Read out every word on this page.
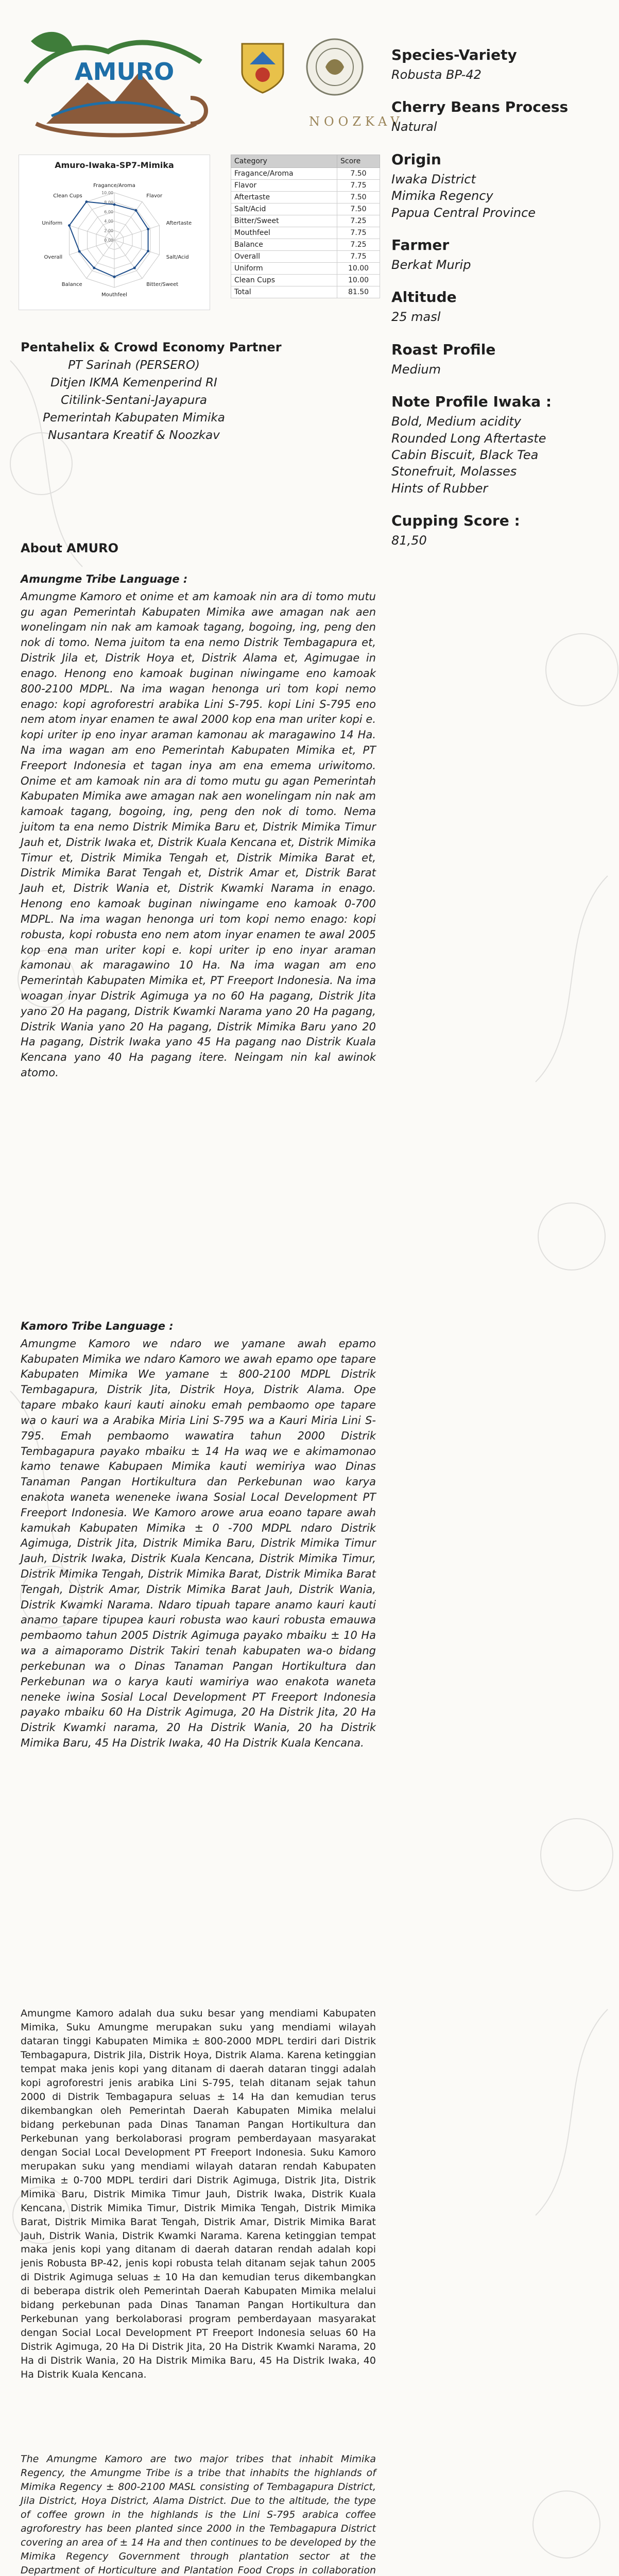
AMURO
NOOZKAV
Amuro-Iwaka-SP7-Mimika
Fragance/Aroma
Flavor
Aftertaste
Salt/Acid
Bitter/Sweet
Mouthfeel
Balance
Overall
Uniform
Clean Cups
0.00
2.00
4.00
6.00
8.00
10.00
Category	Score
Fragance/Aroma	7.50
Flavor	7.75
Aftertaste	7.50
Salt/Acid	7.50
Bitter/Sweet	7.25
Mouthfeel	7.75
Balance	7.25
Overall	7.75
Uniform	10.00
Clean Cups	10.00
Total	81.50

Species-Variety

Robusta BP-42

Cherry Beans Process

Natural

Origin

Iwaka District
Mimika Regency
Papua Central Province

Farmer

Berkat Murip

Altitude

25 masl

Roast Profile

Medium

Note Profile Iwaka :

Bold, Medium acidity
Rounded Long Aftertaste
Cabin Biscuit, Black Tea
Stonefruit, Molasses
Hints of Rubber

Cupping Score :

81,50

Pentahelix & Crowd Economy Partner

PT Sarinah (PERSERO)

Ditjen IKMA Kemenperind RI

Citilink-Sentani-Jayapura

Pemerintah Kabupaten Mimika

Nusantara Kreatif & Noozkav

About AMURO
Amungme Tribe Language :
Amungme Kamoro et onime et am kamoak nin ara di tomo mutu gu agan Pemerintah Kabupaten Mimika awe amagan nak aen wonelingam nin nak am kamoak tagang, bogoing, ing, peng den nok di tomo. Nema juitom ta ena nemo Distrik Tembagapura et, Distrik Jila et, Distrik Hoya et, Distrik Alama et, Agimugae in enago. Henong eno kamoak buginan niwingame eno kamoak 800-2100 MDPL. Na ima wagan henonga uri tom kopi nemo enago: kopi agroforestri arabika Lini S-795. kopi Lini S-795 eno nem atom inyar enamen te awal 2000 kop ena man uriter kopi e. kopi uriter ip eno inyar araman kamonau ak maragawino 14 Ha. Na ima wagan am eno Pemerintah Kabupaten Mimika et, PT Freeport Indonesia et tagan inya am ena emema uriwitomo. Onime et am kamoak nin ara di tomo mutu gu agan Pemerintah Kabupaten Mimika awe amagan nak aen wonelingam nin nak am kamoak tagang, bogoing, ing, peng den nok di tomo. Nema juitom ta ena nemo Distrik Mimika Baru et, Distrik Mimika Timur Jauh et, Distrik Iwaka et, Distrik Kuala Kencana et, Distrik Mimika Timur et, Distrik Mimika Tengah et, Distrik Mimika Barat et, Distrik Mimika Barat Tengah et, Distrik Amar et, Distrik Barat Jauh et, Distrik Wania et, Distrik Kwamki Narama in enago. Henong eno kamoak buginan niwingame eno kamoak 0-700 MDPL. Na ima wagan henonga uri tom kopi nemo enago: kopi robusta, kopi robusta eno nem atom inyar enamen te awal 2005 kop ena man uriter kopi e. kopi uriter ip eno inyar araman kamonau ak maragawino 10 Ha. Na ima wagan am eno Pemerintah Kabupaten Mimika et, PT Freeport Indonesia. Na ima woagan inyar Distrik Agimuga ya no 60 Ha pagang, Distrik Jita yano 20 Ha pagang, Distrik Kwamki Narama yano 20 Ha pagang, Distrik Wania yano 20 Ha pagang, Distrik Mimika Baru yano 20 Ha pagang, Distrik Iwaka yano 45 Ha pagang nao Distrik Kuala Kencana yano 40 Ha pagang itere. Neingam nin kal awinok atomo.
Kamoro Tribe Language :
Amungme Kamoro we ndaro we yamane awah epamo Kabupaten Mimika we ndaro Kamoro we awah epamo ope tapare Kabupaten Mimika We yamane ± 800-2100 MDPL Distrik Tembagapura, Distrik Jita, Distrik Hoya, Distrik Alama. Ope tapare mbako kauri kauti ainoku emah pembaomo ope tapare wa o kauri wa a Arabika Miria Lini S-795 wa a Kauri Miria Lini S-795. Emah pembaomo wawatira tahun 2000 Distrik Tembagapura payako mbaiku ± 14 Ha waq we e akimamonao kamo tenawe Kabupaen Mimika kauti wemiriya wao Dinas Tanaman Pangan Hortikultura dan Perkebunan wao karya enakota waneta weneneke iwana Sosial Local Development PT Freeport Indonesia. We Kamoro arowe arua eoano tapare awah kamukah Kabupaten Mimika ± 0 -700 MDPL ndaro Distrik Agimuga, Distrik Jita, Distrik Mimika Baru, Distrik Mimika Timur Jauh, Distrik Iwaka, Distrik Kuala Kencana, Distrik Mimika Timur, Distrik Mimika Tengah, Distrik Mimika Barat, Distrik Mimika Barat Tengah, Distrik Amar, Distrik Mimika Barat Jauh, Distrik Wania, Distrik Kwamki Narama. Ndaro tipuah tapare anamo kauri kauti anamo tapare tipupea kauri robusta wao kauri robusta emauwa pembaomo tahun 2005 Distrik Agimuga payako mbaiku ± 10 Ha wa a aimaporamo Distrik Takiri tenah kabupaten wa-o bidang perkebunan wa o Dinas Tanaman Pangan Hortikultura dan Perkebunan wa o karya kauti wamiriya wao enakota waneta neneke iwina Sosial Local Development PT Freeport Indonesia payako mbaiku 60 Ha Distrik Agimuga, 20 Ha Distrik Jita, 20 Ha Distrik Kwamki narama, 20 Ha Distrik Wania, 20 ha Distrik Mimika Baru, 45 Ha Distrik Iwaka, 40 Ha Distrik Kuala Kencana.
Amungme Kamoro adalah dua suku besar yang mendiami Kabupaten Mimika, Suku Amungme merupakan suku yang mendiami wilayah dataran tinggi Kabupaten Mimika ± 800-2000 MDPL terdiri dari Distrik Tembagapura, Distrik Jila, Distrik Hoya, Distrik Alama. Karena ketinggian tempat maka jenis kopi yang ditanam di daerah dataran tinggi adalah kopi agroforestri jenis arabika Lini S-795, telah ditanam sejak tahun 2000 di Distrik Tembagapura seluas ± 14 Ha dan kemudian terus dikembangkan oleh Pemerintah Daerah Kabupaten Mimika melalui bidang perkebunan pada Dinas Tanaman Pangan Hortikultura dan Perkebunan yang berkolaborasi program pemberdayaan masyarakat dengan Social Local Development PT Freeport Indonesia. Suku Kamoro merupakan suku yang mendiami wilayah dataran rendah Kabupaten Mimika ± 0-700 MDPL terdiri dari Distrik Agimuga, Distrik Jita, Distrik Mimika Baru, Distrik Mimika Timur Jauh, Distrik Iwaka, Distrik Kuala Kencana, Distrik Mimika Timur, Distrik Mimika Tengah, Distrik Mimika Barat, Distrik Mimika Barat Tengah, Distrik Amar, Distrik Mimika Barat Jauh, Distrik Wania, Distrik Kwamki Narama. Karena ketinggian tempat maka jenis kopi yang ditanam di daerah dataran rendah adalah kopi jenis Robusta BP-42, jenis kopi robusta telah ditanam sejak tahun 2005 di Distrik Agimuga seluas ± 10 Ha dan kemudian terus dikembangkan di beberapa distrik oleh Pemerintah Daerah Kabupaten Mimika melalui bidang perkebunan pada Dinas Tanaman Pangan Hortikultura dan Perkebunan yang berkolaborasi program pemberdayaan masyarakat dengan Social Local Development PT Freeport Indonesia seluas 60 Ha Distrik Agimuga, 20 Ha Di Distrik Jita, 20 Ha Distrik Kwamki Narama, 20 Ha di Distrik Wania, 20 Ha Distrik Mimika Baru, 45 Ha Distrik Iwaka, 40 Ha Distrik Kuala Kencana.
The Amungme Kamoro are two major tribes that inhabit Mimika Regency, the Amungme Tribe is a tribe that inhabits the highlands of Mimika Regency ± 800-2100 MASL consisting of Tembagapura District, Jila District, Hoya District, Alama District. Due to the altitude, the type of coffee grown in the highlands is the Lini S-795 arabica coffee agroforestry has been planted since 2000 in the Tembagapura District covering an area of ± 14 Ha and then continues to be developed by the Mimika Regency Government through plantation sector at the Department of Horticulture and Plantation Food Crops in collaboration
